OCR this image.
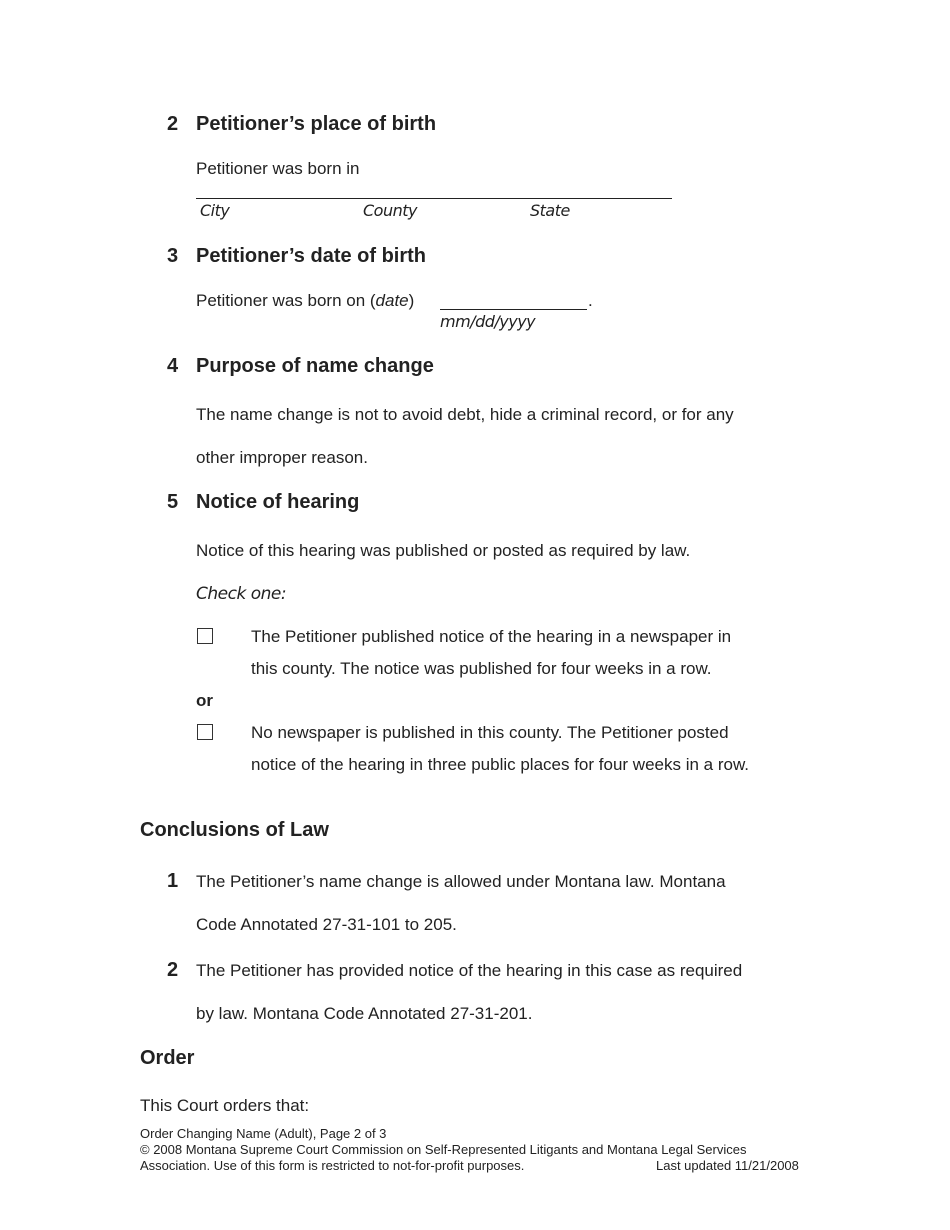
2 Petitioner’s place of birth
Petitioner was born in
City	County	State
3 Petitioner’s date of birth
Petitioner was born on (date)	.
mm/dd/yyyy
4 Purpose of name change
The name change is not to avoid debt, hide a criminal record, or for any
other improper reason.
5 Notice of hearing
Notice of this hearing was published or posted as required by law.
Check one:
The Petitioner published notice of the hearing in a newspaper in
this county. The notice was published for four weeks in a row.
or
No newspaper is published in this county. The Petitioner posted
notice of the hearing in three public places for four weeks in a row.
Conclusions of Law
1 The Petitioner’s name change is allowed under Montana law. Montana
Code Annotated 27-31-101 to 205.
2 The Petitioner has provided notice of the hearing in this case as required
by law. Montana Code Annotated 27-31-201.
Order
This Court orders that:
Order Changing Name (Adult), Page 2 of 3
© 2008 Montana Supreme Court Commission on Self-Represented Litigants and Montana Legal Services
Association. Use of this form is restricted to not-for-profit purposes.	Last updated 11/21/2008
